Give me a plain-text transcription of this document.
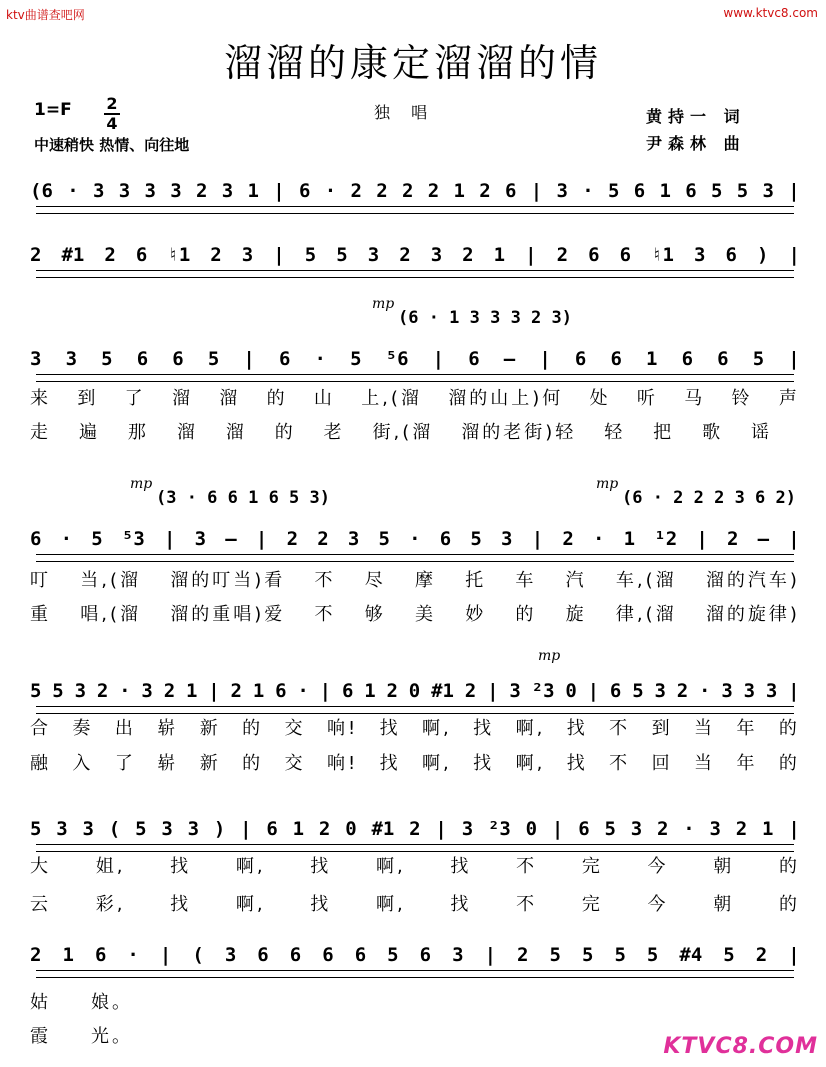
ktv曲谱查吧网	www.ktvc8.com
溜溜的康定溜溜的情
1=F 2
4
独 唱	黄持一 词
尹森林 曲
中速稍快 热情、向往地
(6 · 3 3 3 3 2 3 1 | 6 · 2 2 2 2 1 2 6 | 3 · 5 6 1 6 5 5 3 |
2 #1 2 6 ♮1 2 3 | 5 5 3 2 3 2 1 | 2 6 6 ♮1 3 6 ) |
3 3 5 6 6 5 | 6 · 5 ⁵6 | 6 – | 6 6 1 6 6 5 |
mp
(6 · 1 3 3 3 2 3)
来 到 了 溜 溜 的 山 上,(溜 溜的山上)何 处 听 马 铃 声
走 遍 那 溜 溜 的 老 街,(溜 溜的老街)轻 轻 把 歌 谣
6 · 5 ⁵3 | 3 – | 2 2 3 5 · 6 5 3 | 2 · 1 ¹2 | 2 – |
mp
(3 · 6 6 1 6 5 3)
mp
(6 · 2 2 2 3 6 2)
叮 当,(溜 溜的叮当)看 不 尽 摩 托 车 汽 车,(溜 溜的汽车)
重 唱,(溜 溜的重唱)爱 不 够 美 妙 的 旋 律,(溜 溜的旋律)
5 5 3 2 · 3 2 1 | 2 1 6 · | 6 1 2 0 #1 2 | 3 ²3 0 | 6 5 3 2 · 3 3 3 |
mp
合 奏 出 崭 新 的 交 响! 找 啊, 找 啊, 找 不 到 当 年 的
融 入 了 崭 新 的 交 响! 找 啊, 找 啊, 找 不 回 当 年 的
5 3 3 ( 5 3 3 ) | 6 1 2 0 #1 2 | 3 ²3 0 | 6 5 3 2 · 3 2 1 |
大 姐, 找 啊, 找 啊, 找 不 完 今 朝 的
云 彩, 找 啊, 找 啊, 找 不 完 今 朝 的
2 1 6 · | ( 3 6 6 6 6 5 6 3 | 2 5 5 5 5 #4 5 2 |
姑 娘。
霞 光。	KTVC8.COM
